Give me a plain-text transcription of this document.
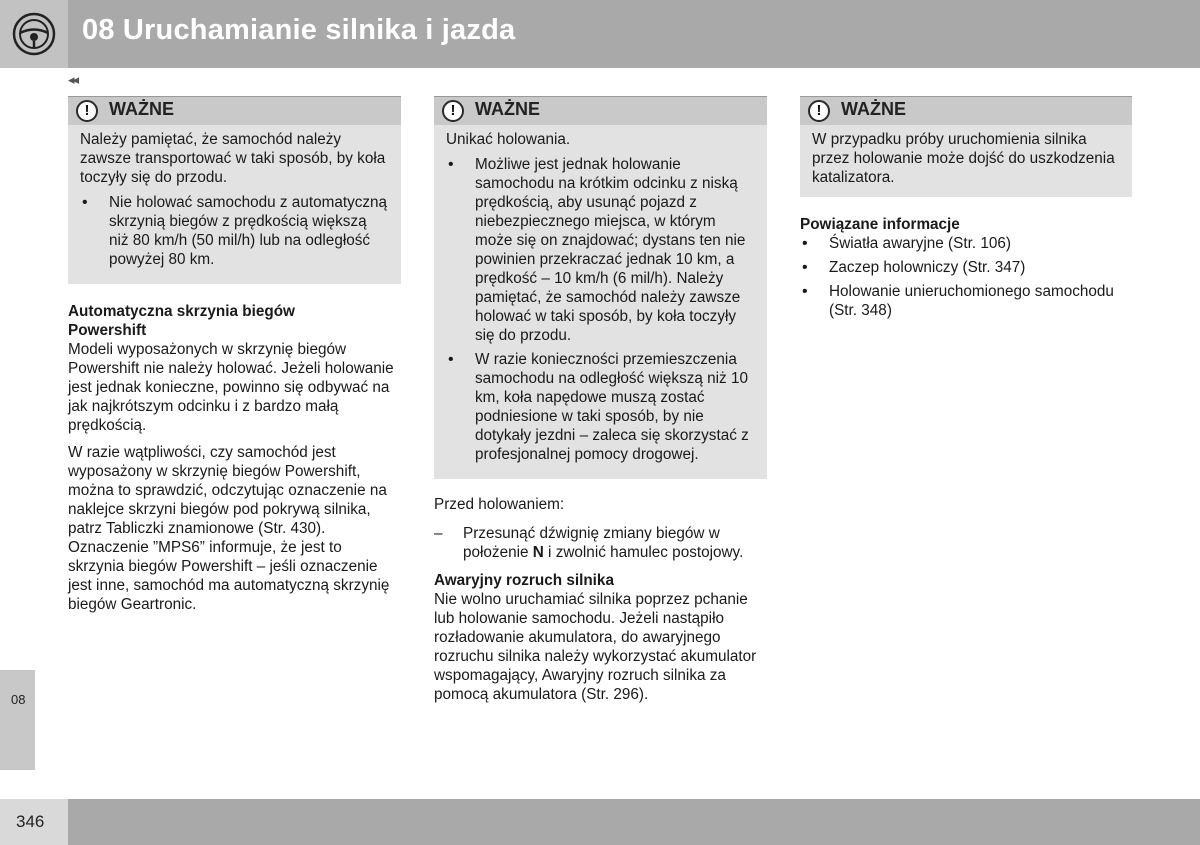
08 Uruchamianie silnika i jazda
◂◂
!	WAŻNE

Należy pamiętać, że samochód należy zawsze transportować w taki sposób, by koła toczyły się do przodu.

• Nie holować samochodu z automatyczną skrzynią biegów z prędkością większą niż 80 km/h (50 mil/h) lub na odległość powyżej 80 km.
Automatyczna skrzynia biegów Powershift

Modeli wyposażonych w skrzynię biegów Powershift nie należy holować. Jeżeli holowanie jest jednak konieczne, powinno się odbywać na jak najkrótszym odcinku i z bardzo małą prędkością.

W razie wątpliwości, czy samochód jest wyposażony w skrzynię biegów Powershift, można to sprawdzić, odczytując oznaczenie na naklejce skrzyni biegów pod pokrywą silnika, patrz Tabliczki znamionowe (Str. 430). Oznaczenie ”MPS6” informuje, że jest to skrzynia biegów Powershift – jeśli oznaczenie jest inne, samochód ma automatyczną skrzynię biegów Geartronic.

!	WAŻNE

Unikać holowania.

• Możliwe jest jednak holowanie samochodu na krótkim odcinku z niską prędkością, aby usunąć pojazd z niebezpiecznego miejsca, w którym może się on znajdować; dystans ten nie powinien przekraczać jednak 10 km, a prędkość – 10 km/h (6 mil/h). Należy pamiętać, że samochód należy zawsze holować w taki sposób, by koła toczyły się do przodu.
• W razie konieczności przemieszczenia samochodu na odległość większą niż 10 km, koła napędowe muszą zostać podniesione w taki sposób, by nie dotykały jezdni – zaleca się skorzystać z profesjonalnej pomocy drogowej.

Przed holowaniem:

– Przesunąć dźwignię zmiany biegów w położenie N i zwolnić hamulec postojowy.
Awaryjny rozruch silnika

Nie wolno uruchamiać silnika poprzez pchanie lub holowanie samochodu. Jeżeli nastąpiło rozładowanie akumulatora, do awaryjnego rozruchu silnika należy wykorzystać akumulator wspomagający, Awaryjny rozruch silnika za pomocą akumulatora (Str. 296).

!	WAŻNE

W przypadku próby uruchomienia silnika przez holowanie może dojść do uszkodzenia katalizatora.

Powiązane informacje
• Światła awaryjne (Str. 106)
• Zaczep holowniczy (Str. 347)
• Holowanie unieruchomionego samochodu (Str. 348)
08
346
